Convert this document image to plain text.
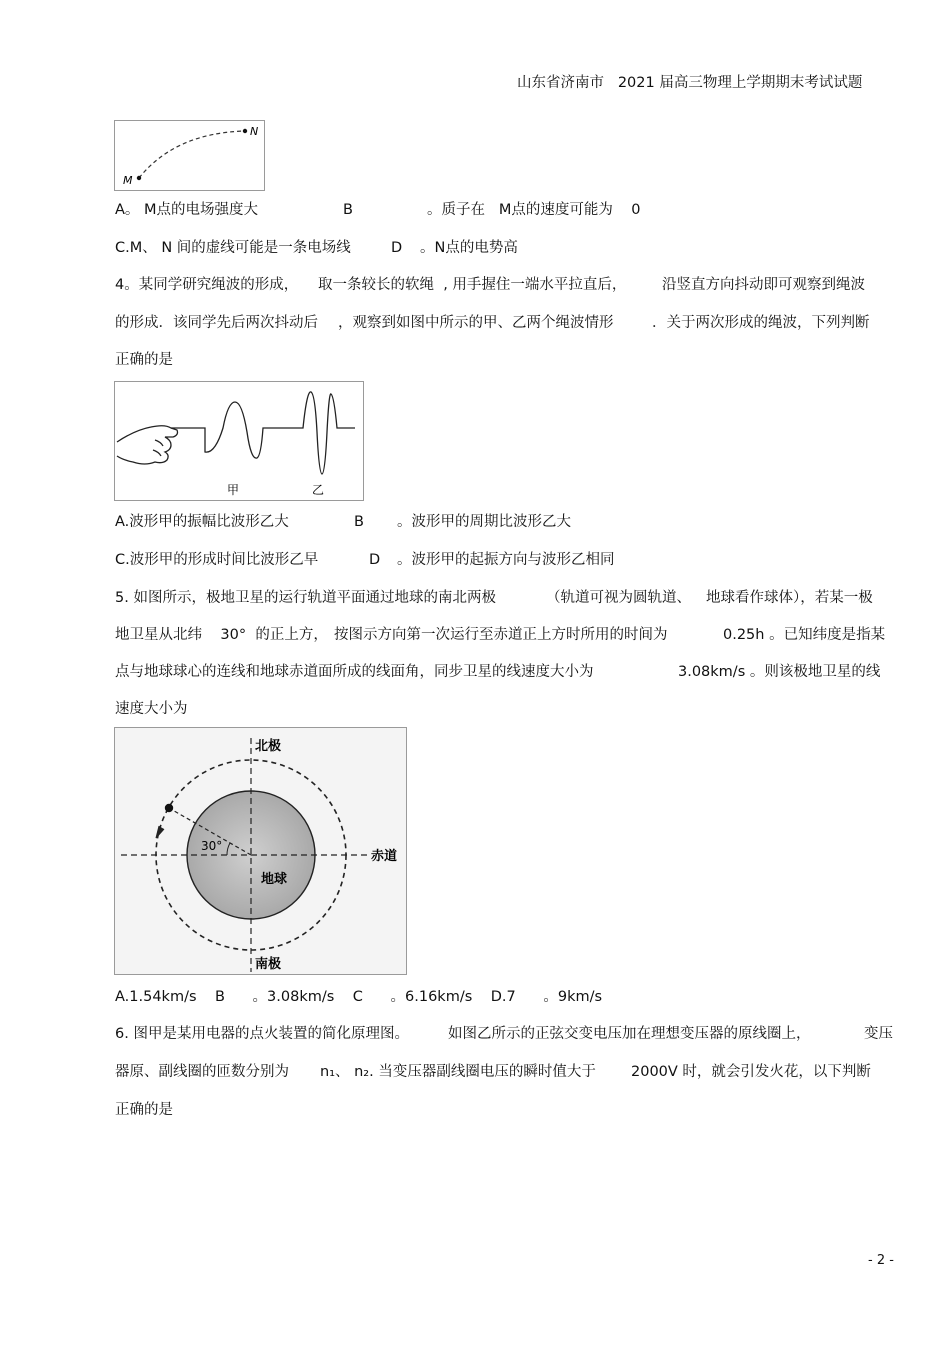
山东省济南市   2021 届高三物理上学期期末考试试题
N
M
A。 M点的电场强度大	B	。质子在   M点的速度可能为    0
C.M、 N 间的虚线可能是一条电场线	D 。N点的电势高
4。某同学研究绳波的形成， 取一条较长的软绳  , 用手握住一端水平拉直后， 沿竖直方向抖动即可观察到绳波
的形成．该同学先后两次抖动后 ，观察到如图中所示的甲、乙两个绳波情形	．关于两次形成的绳波，下列判断
正确的是
甲	乙
A.波形甲的振幅比波形乙大	B 。波形甲的周期比波形乙大
C.波形甲的形成时间比波形乙早	D 。波形甲的起振方向与波形乙相同
5. 如图所示，极地卫星的运行轨道平面通过地球的南北两极	（轨道可视为圆轨道、 地球看作球体），若某一极
地卫星从北纬    30°  的正上方， 按图示方向第一次运行至赤道正上方时所用的时间为	0.25h 。已知纬度是指某
点与地球球心的连线和地球赤道面所成的线面角，同步卫星的线速度大小为	3.08km/s 。则该极地卫星的线
速度大小为
北极
南极
赤道
地球
30°
A.1.54km/s    B      。3.08km/s    C      。6.16km/s    D.7      。9km/s
6. 图甲是某用电器的点火装置的简化原理图。	如图乙所示的正弦交变电压加在理想变压器的原线圈上，	变压
器原、副线圈的匝数分别为 n₁、 n₂. 当变压器副线圈电压的瞬时值大于 2000V 时，就会引发火花，以下判断
正确的是
- 2 -
